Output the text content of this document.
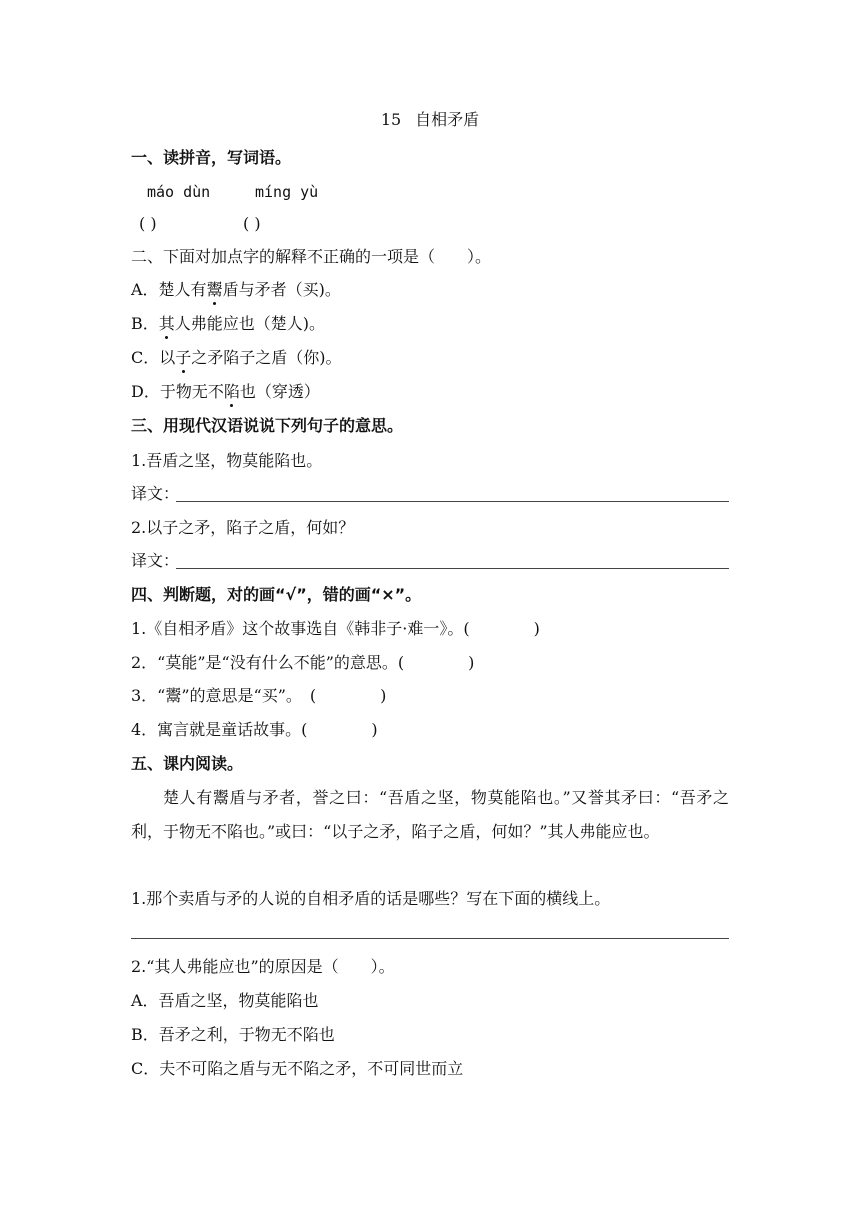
15 自相矛盾
一、读拼音，写词语。
máo dùn	míng yù
( )	( )
二、下面对加点字的解释不正确的一项是（　　）。
A．楚人有鬻盾与矛者（买)。
B．其人弗能应也（楚人)。
C．以子之矛陷子之盾（你)。
D．于物无不陷也（穿透）
三、用现代汉语说说下列句子的意思。
1.吾盾之坚，物莫能陷也。
译文：
2.以子之矛，陷子之盾，何如？
译文：
四、判断题，对的画“√”，错的画“×”。
1.《自相矛盾》这个故事选自《韩非子·难一》。(　　　　)
2．“莫能”是“没有什么不能”的意思。(　　　　)
3．“鬻”的意思是“买”。　(　　　　)
4．寓言就是童话故事。(　　　　)
五、课内阅读。
楚人有鬻盾与矛者，誉之曰：“吾盾之坚，物莫能陷也。”又誉其矛曰：“吾矛之利，于物无不陷也。”或曰：“以子之矛，陷子之盾，何如？”其人弗能应也。
1.那个卖盾与矛的人说的自相矛盾的话是哪些？写在下面的横线上。
2.“其人弗能应也”的原因是（　　）。
A．吾盾之坚，物莫能陷也
B．吾矛之利，于物无不陷也
C．夫不可陷之盾与无不陷之矛，不可同世而立
